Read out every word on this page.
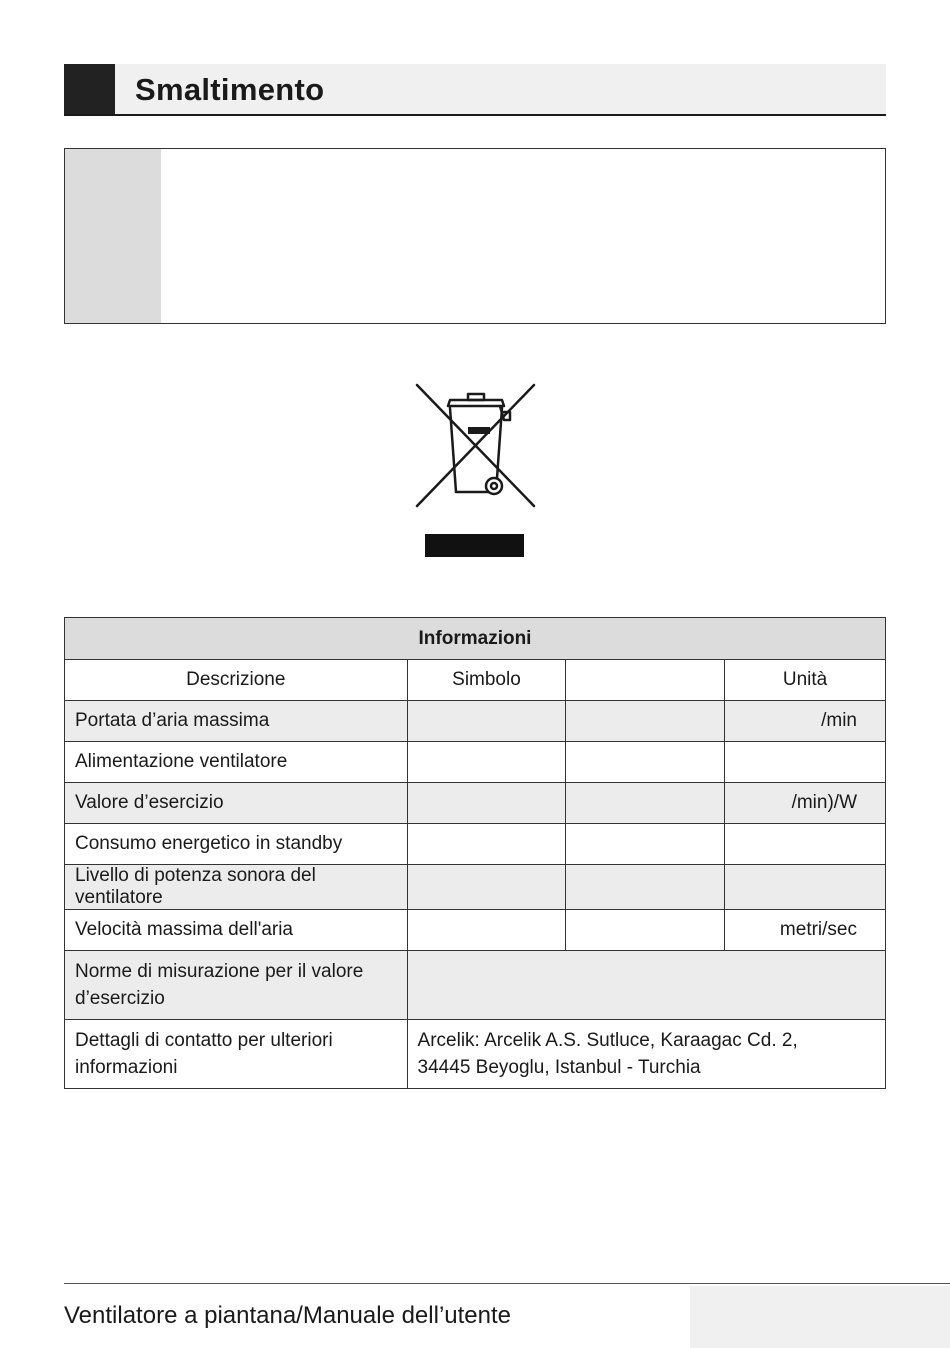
Smaltimento
Informazioni			
Descrizione	Simbolo		Unità
Portata d’aria massima			/min
Alimentazione ventilatore			
Valore d’esercizio			/min)/W
Consumo energetico in standby			
Livello di potenza sonora del ventilatore			
Velocità massima dell'aria			metri/sec
Norme di misurazione per il valore d’esercizio			
Dettagli di contatto per ulteriori informazioni	Arcelik: Arcelik A.S. Sutluce, Karaagac Cd. 2, 34445 Beyoglu, Istanbul - Turchia		
Ventilatore a piantana/Manuale dell’utente
